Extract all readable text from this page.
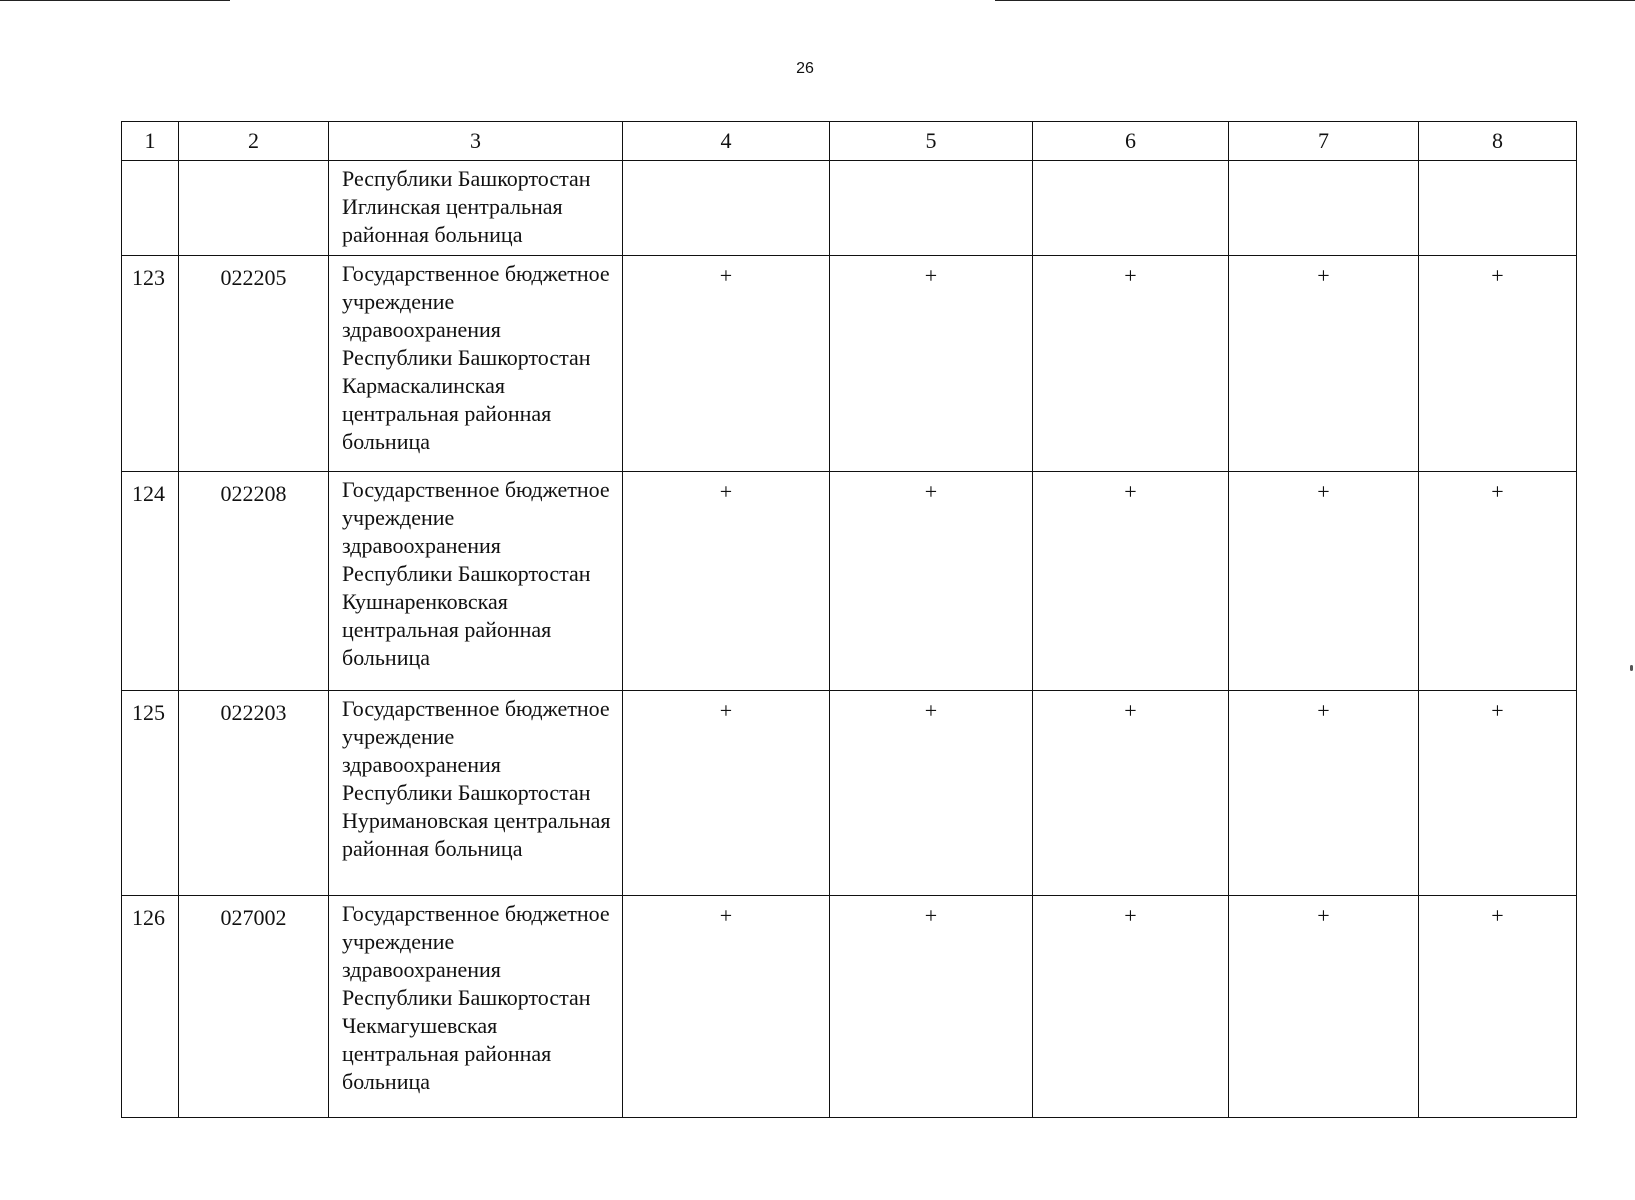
26
1	2	3	4	5	6	7	8
		Республики Башкортостан Иглинская центральная районная больница					
123	022205	Государственное бюджетное учреждение здравоохранения Республики Башкортостан Кармаскалинская центральная районная больница	+	+	+	+	+
124	022208	Государственное бюджетное учреждение здравоохранения Республики Башкортостан Кушнаренковская центральная районная больница	+	+	+	+	+
125	022203	Государственное бюджетное учреждение здравоохранения Республики Башкортостан Нуримановская центральная районная больница	+	+	+	+	+
126	027002	Государственное бюджетное учреждение здравоохранения Республики Башкортостан Чекмагушевская центральная районная больница	+	+	+	+	+
